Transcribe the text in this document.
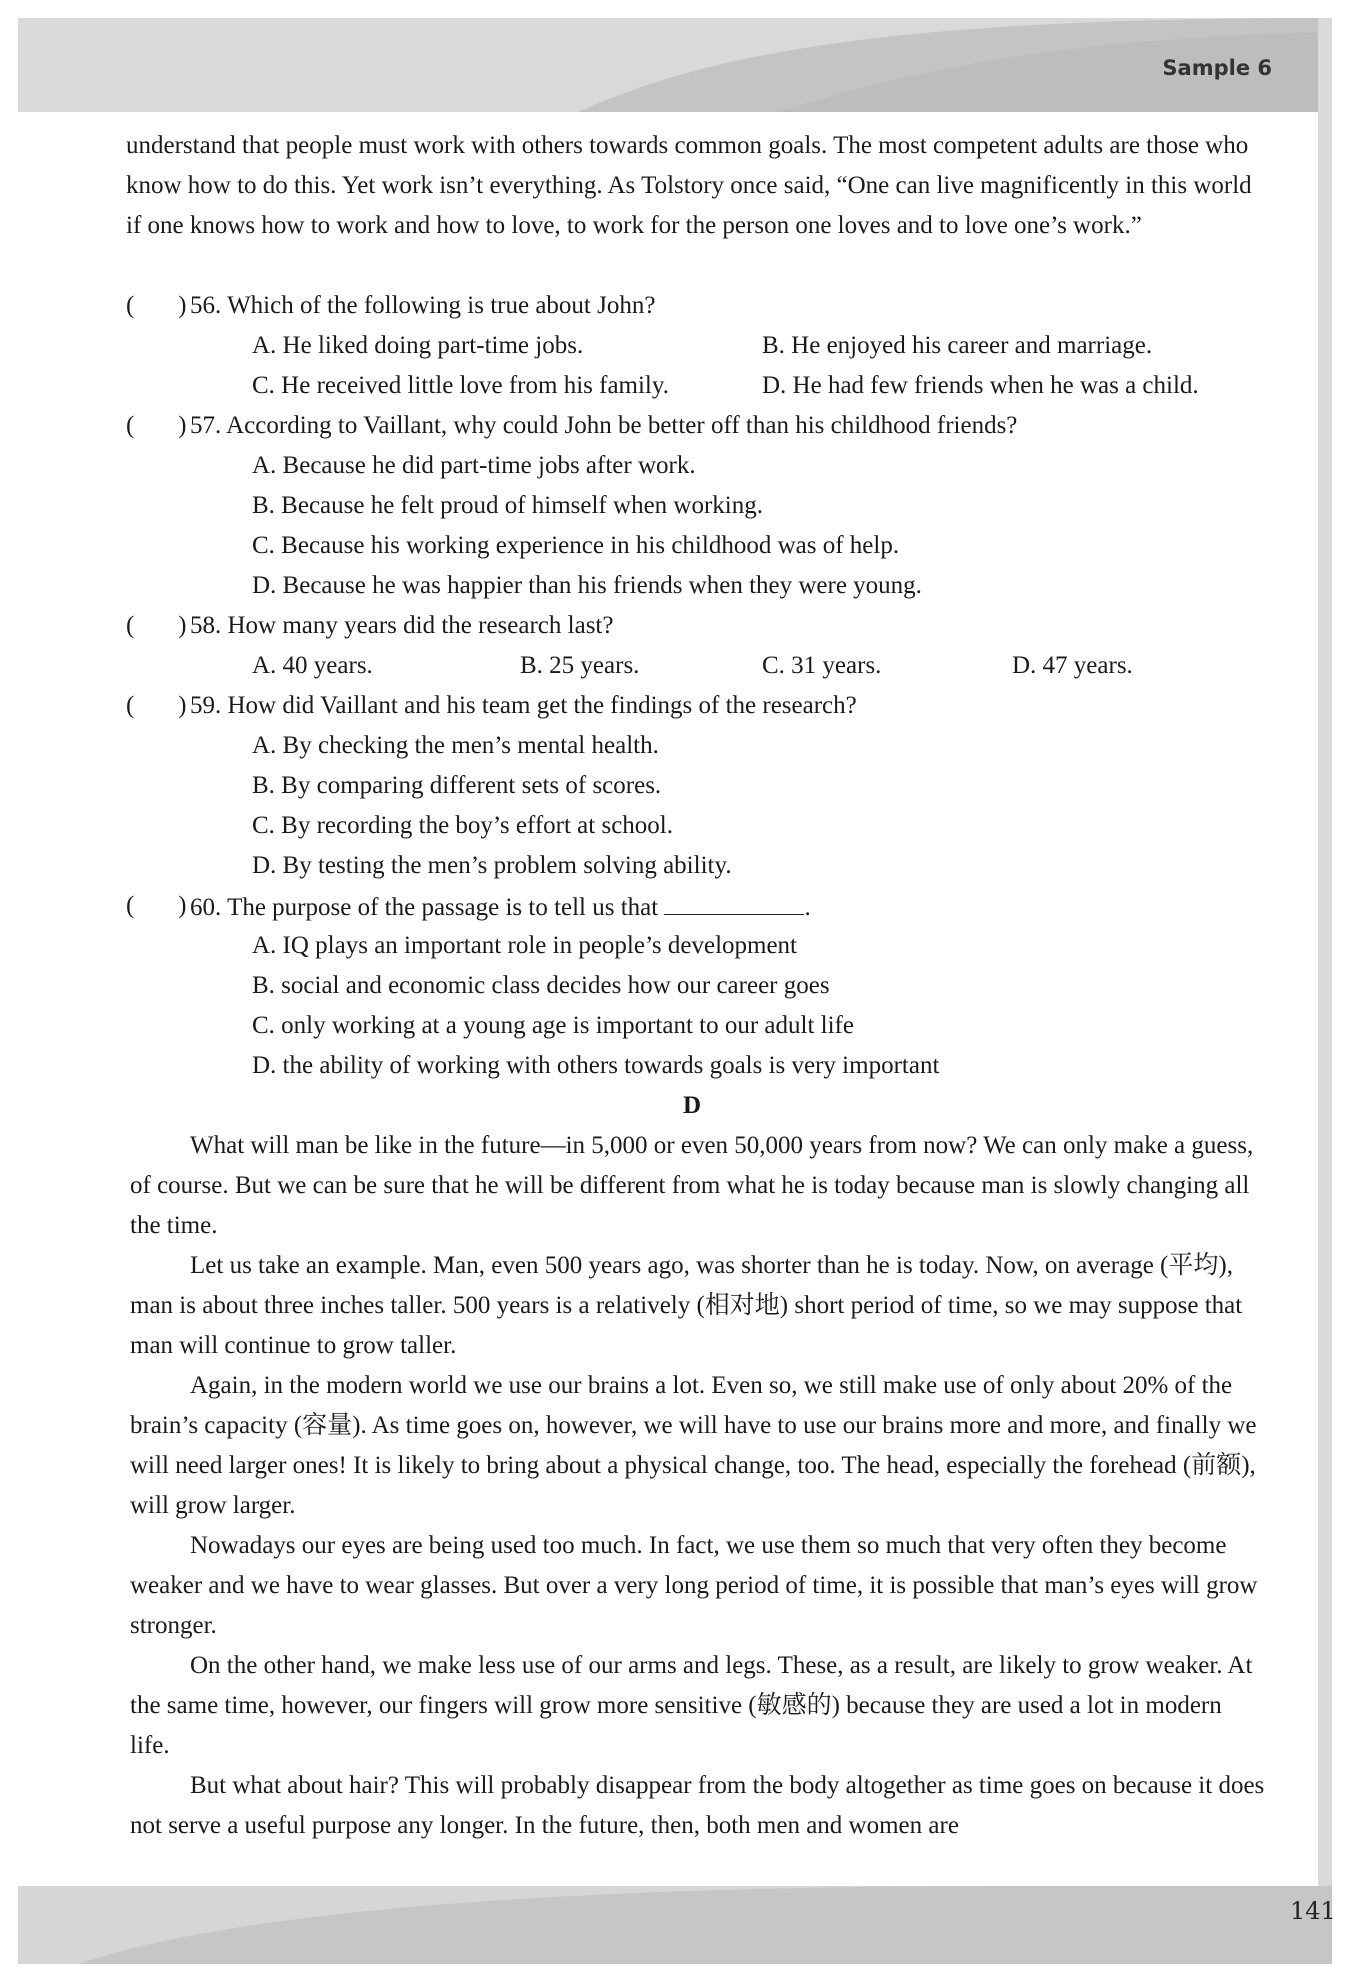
Sample 6
141

understand that people must work with others towards common goals. The most competent adults are those who know how to do this. Yet work isn’t everything. As Tolstory once said, “One can live magnificently in this world if one knows how to work and how to love, to work for the person one loves and to love one’s work.”

(       ) 56. Which of the following is true about John?
A. He liked doing part-time jobs.	B. He enjoyed his career and marriage.
C. He received little love from his family.	D. He had few friends when he was a child.
(       ) 57. According to Vaillant, why could John be better off than his childhood friends?
A. Because he did part-time jobs after work.
B. Because he felt proud of himself when working.
C. Because his working experience in his childhood was of help.
D. Because he was happier than his friends when they were young.
(       ) 58. How many years did the research last?
A. 40 years.	B. 25 years.	C. 31 years.	D. 47 years.
(       ) 59. How did Vaillant and his team get the findings of the research?
A. By checking the men’s mental health.
B. By comparing different sets of scores.
C. By recording the boy’s effort at school.
D. By testing the men’s problem solving ability.
(       ) 60. The purpose of the passage is to tell us that	.
A. IQ plays an important role in people’s development
B. social and economic class decides how our career goes
C. only working at a young age is important to our adult life
D. the ability of working with others towards goals is very important
D

What will man be like in the future—in 5,000 or even 50,000 years from now? We can only make a guess, of course. But we can be sure that he will be different from what he is today because man is slowly changing all the time.

Let us take an example. Man, even 500 years ago, was shorter than he is today. Now, on average (平均), man is about three inches taller. 500 years is a relatively (相对地) short period of time, so we may suppose that man will continue to grow taller.

Again, in the modern world we use our brains a lot. Even so, we still make use of only about 20% of the brain’s capacity (容量). As time goes on, however, we will have to use our brains more and more, and finally we will need larger ones! It is likely to bring about a physical change, too. The head, especially the forehead (前额), will grow larger.

Nowadays our eyes are being used too much. In fact, we use them so much that very often they become weaker and we have to wear glasses. But over a very long period of time, it is possible that man’s eyes will grow stronger.

On the other hand, we make less use of our arms and legs. These, as a result, are likely to grow weaker. At the same time, however, our fingers will grow more sensitive (敏感的) because they are used a lot in modern life.

But what about hair? This will probably disappear from the body altogether as time goes on because it does not serve a useful purpose any longer. In the future, then, both men and women are
